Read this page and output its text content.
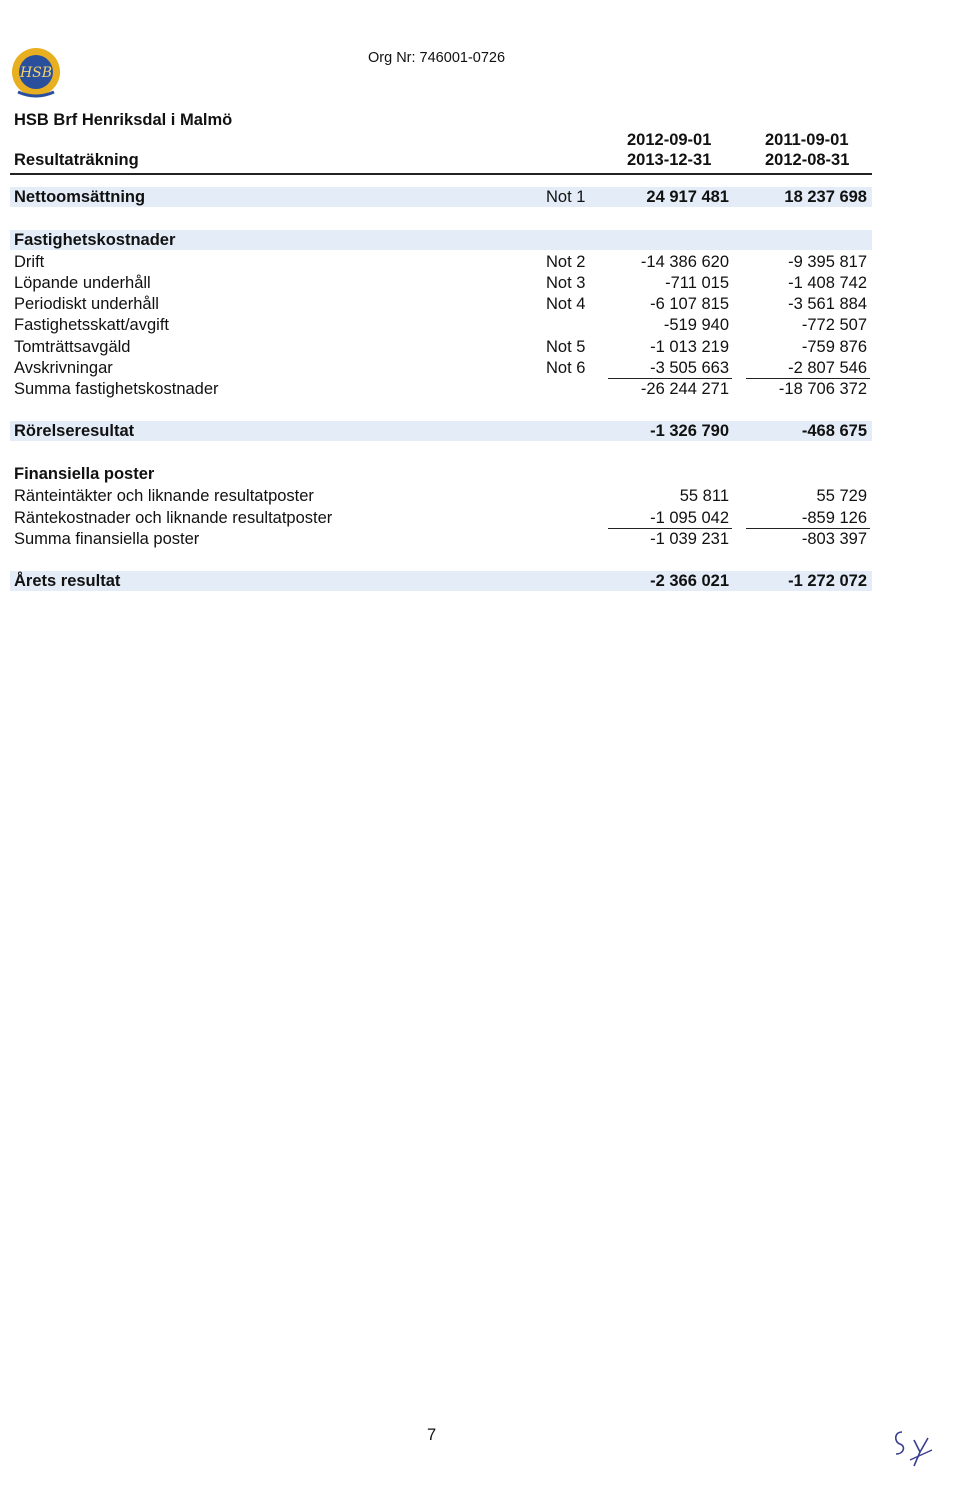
HSB
Org Nr: 746001-0726
HSB Brf Henriksdal i Malmö
2012-09-01
2013-12-31
2011-09-01
2012-08-31
Resultaträkning
Nettoomsättning	Not 1	24 917 481	18 237 698
Fastighetskostnader
Drift	Not 2	-14 386 620	-9 395 817
Löpande underhåll	Not 3	-711 015	-1 408 742
Periodiskt underhåll	Not 4	-6 107 815	-3 561 884
Fastighetsskatt/avgift	-519 940	-772 507
Tomträttsavgäld	Not 5	-1 013 219	-759 876
Avskrivningar	Not 6	-3 505 663	-2 807 546
Summa fastighetskostnader	-26 244 271	-18 706 372
Rörelseresultat	-1 326 790	-468 675
Finansiella poster
Ränteintäkter och liknande resultatposter	55 811	55 729
Räntekostnader och liknande resultatposter	-1 095 042	-859 126
Summa finansiella poster	-1 039 231	-803 397
Årets resultat	-2 366 021	-1 272 072
7
